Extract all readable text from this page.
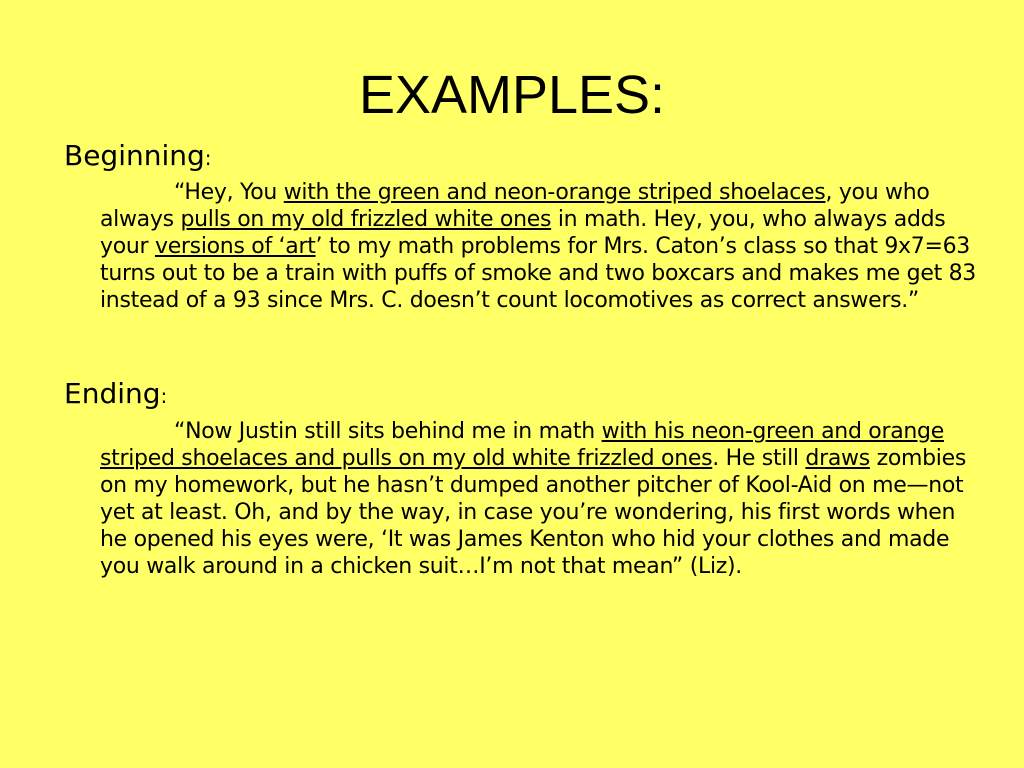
EXAMPLES:

Beginning:

“Hey, You with the green and neon-orange striped shoelaces, you who always pulls on my old frizzled white ones in math. Hey, you, who always adds your versions of ‘art’ to my math problems for Mrs. Caton’s class so that 9x7=63 turns out to be a train with puffs of smoke and two boxcars and makes me get 83 instead of a 93 since Mrs. C. doesn’t count locomotives as correct answers.”

Ending:

“Now Justin still sits behind me in math with his neon-green and orange striped shoelaces and pulls on my old white frizzled ones. He still draws zombies on my homework, but he hasn’t dumped another pitcher of Kool-Aid on me—not yet at least. Oh, and by the way, in case you’re wondering, his first words when he opened his eyes were, ‘It was James Kenton who hid your clothes and made you walk around in a chicken suit…I’m not that mean” (Liz).
